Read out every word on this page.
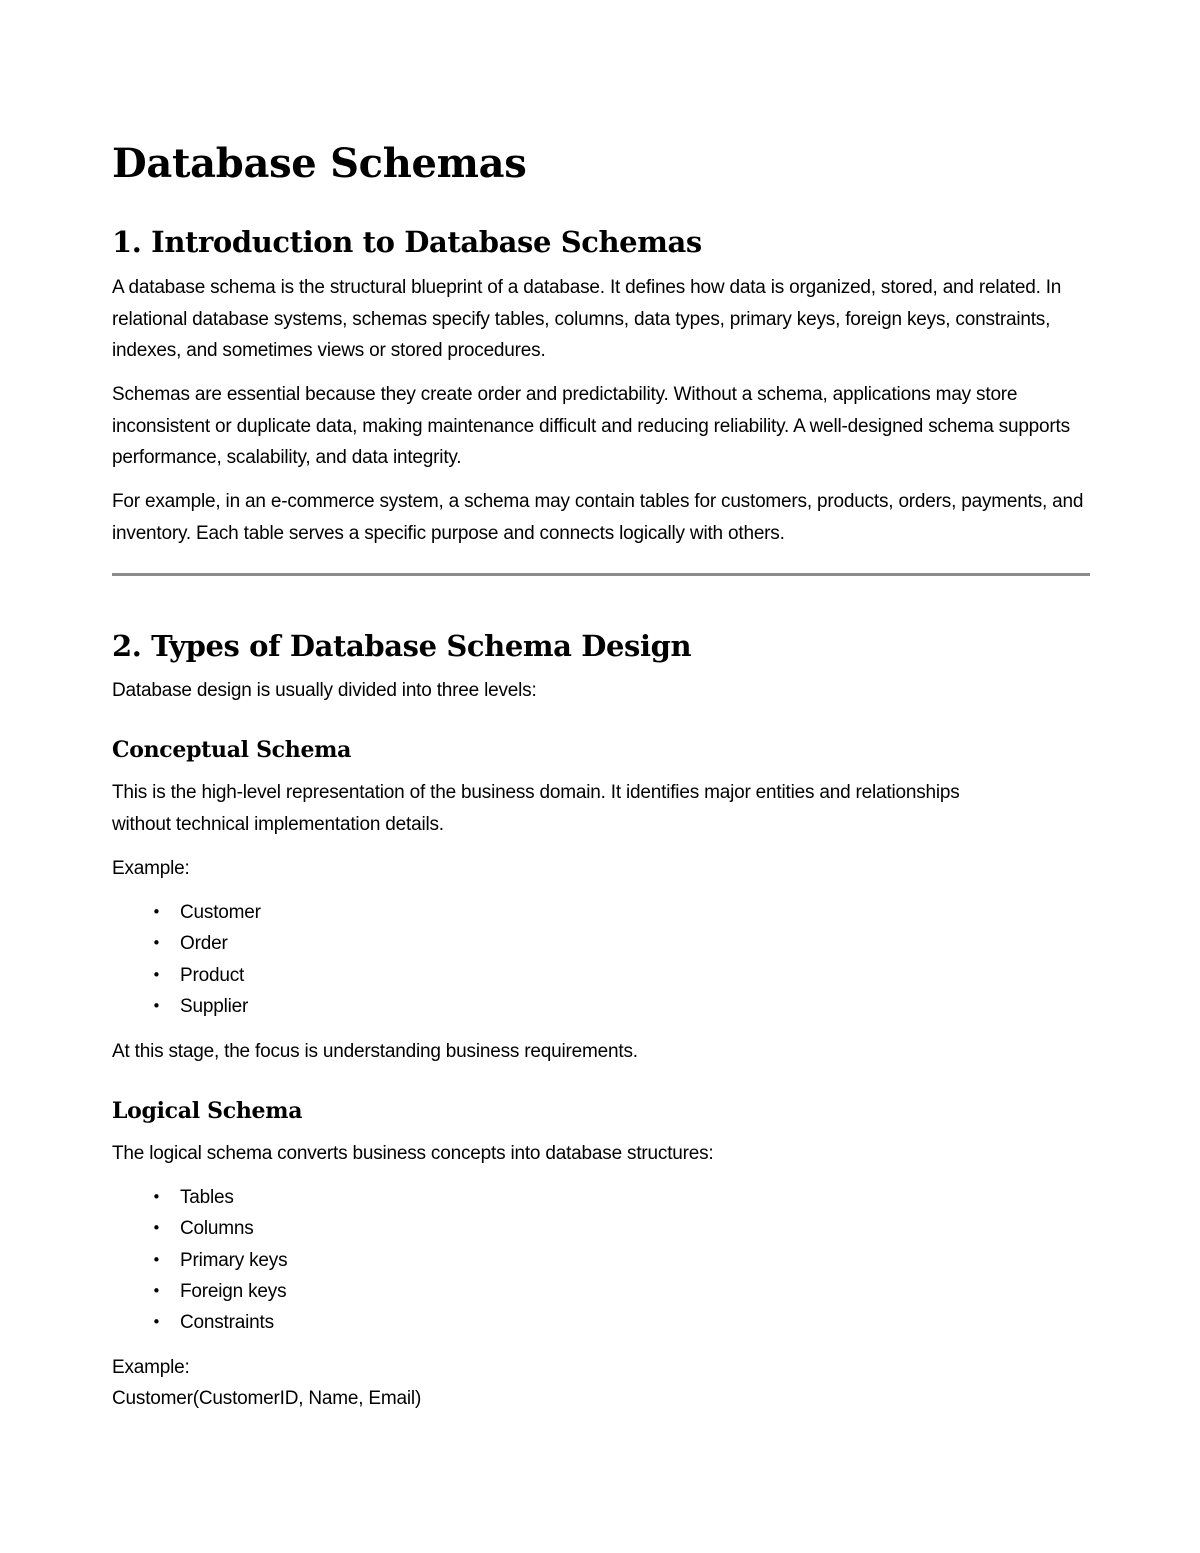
Database Schemas
1. Introduction to Database Schemas

A database schema is the structural blueprint of a database. It defines how data is organized, stored, and related. In relational database systems, schemas specify tables, columns, data types, primary keys, foreign keys, constraints, indexes, and sometimes views or stored procedures.

Schemas are essential because they create order and predictability. Without a schema, applications may store inconsistent or duplicate data, making maintenance difficult and reducing reliability. A well-designed schema supports performance, scalability, and data integrity.

For example, in an e-commerce system, a schema may contain tables for customers, products, orders, payments, and inventory. Each table serves a specific purpose and connects logically with others.

2. Types of Database Schema Design

Database design is usually divided into three levels:

Conceptual Schema

This is the high-level representation of the business domain. It identifies major entities and relationships without technical implementation details.

Example:
• Customer
• Order
• Product
• Supplier
At this stage, the focus is understanding business requirements.
Logical Schema
The logical schema converts business concepts into database structures:
• Tables
• Columns
• Primary keys
• Foreign keys
• Constraints
Example:
Customer(CustomerID, Name, Email)
